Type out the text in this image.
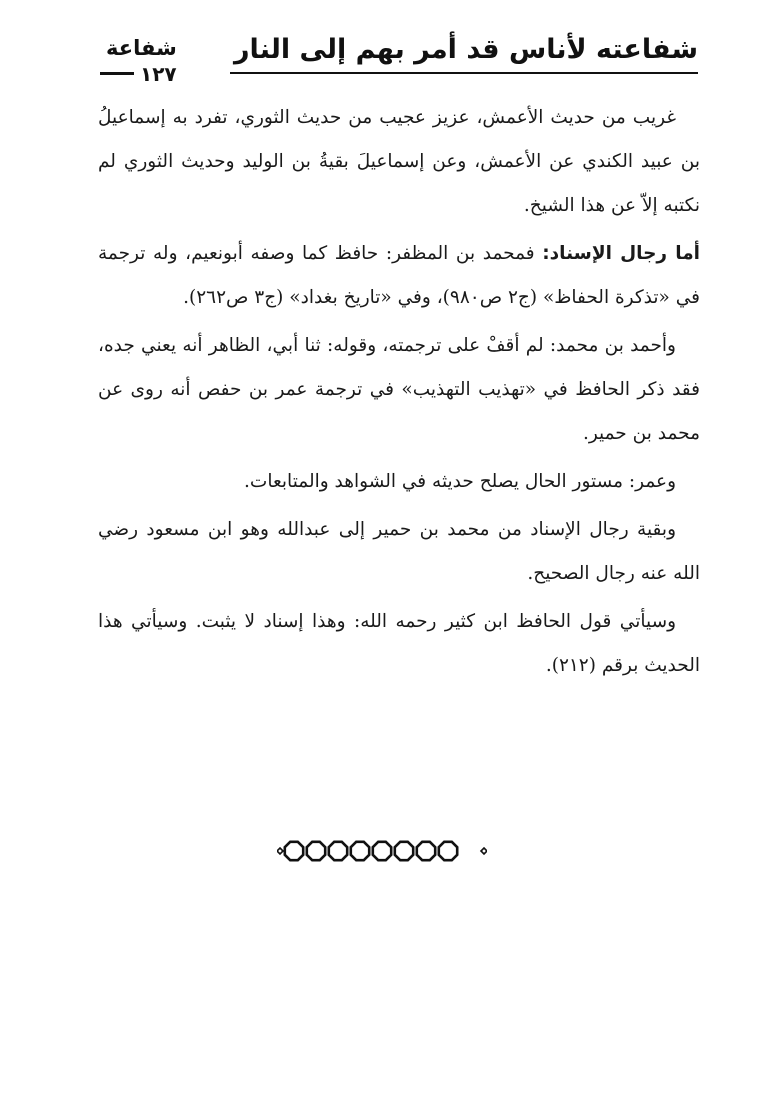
شفاعته لأناس قد أمر بهم إلى النار
شفاعة
١٢٧

غريب من حديث الأعمش، عزيز عجيب من حديث الثوري، تفرد به إسماعيلُ بن عبيد الكندي عن الأعمش، وعن إسماعيلَ بقيةُ بن الوليد وحديث الثوري لم نكتبه إلاّ عن هذا الشيخ.

أما رجال الإسناد: فمحمد بن المظفر: حافظ كما وصفه أبونعيم، وله ترجمة في «تذكرة الحفاظ» (ج٢ ص٩٨٠)، وفي «تاريخ بغداد» (ج٣ ص٢٦٢).

وأحمد بن محمد: لم أقفْ على ترجمته، وقوله: ثنا أبي، الظاهر أنه يعني جده، فقد ذكر الحافظ في «تهذيب التهذيب» في ترجمة عمر بن حفص أنه روى عن محمد بن حمير.

وعمر: مستور الحال يصلح حديثه في الشواهد والمتابعات.

وبقية رجال الإسناد من محمد بن حمير إلى عبدالله وهو ابن مسعود رضي الله عنه رجال الصحيح.

وسيأتي قول الحافظ ابن كثير رحمه الله: وهذا إسناد لا يثبت. وسيأتي هذا الحديث برقم (٢١٢).
